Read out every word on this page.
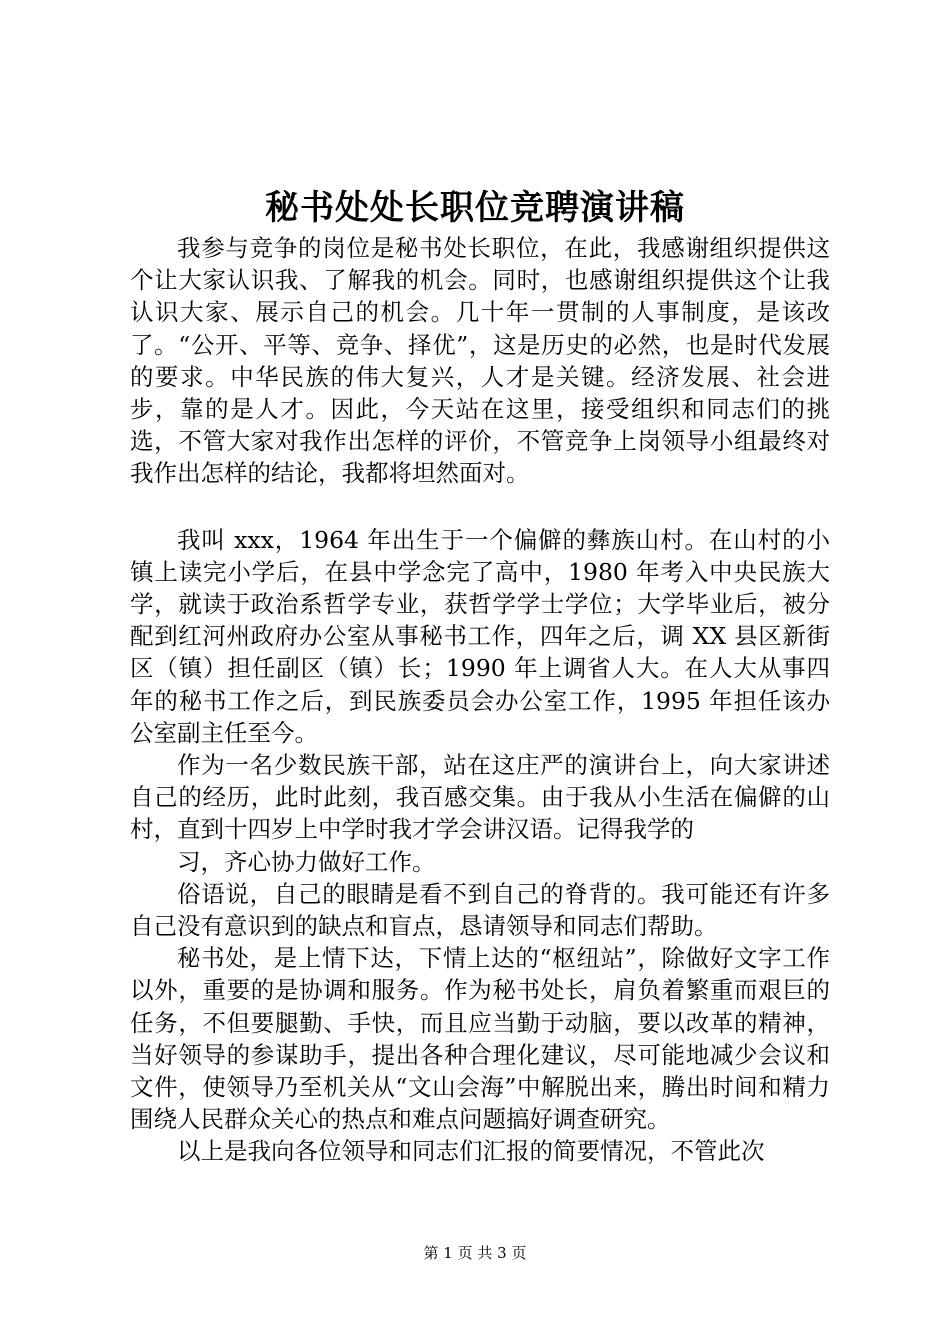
秘书处处长职位竞聘演讲稿

我参与竞争的岗位是秘书处长职位，在此，我感谢组织提供这个让大家认识我、了解我的机会。同时，也感谢组织提供这个让我认识大家、展示自己的机会。几十年一贯制的人事制度，是该改了。“公开、平等、竞争、择优”，这是历史的必然，也是时代发展的要求。中华民族的伟大复兴，人才是关键。经济发展、社会进步，靠的是人才。因此，今天站在这里，接受组织和同志们的挑选，不管大家对我作出怎样的评价，不管竞争上岗领导小组最终对我作出怎样的结论，我都将坦然面对。

我叫 xxx，1964 年出生于一个偏僻的彝族山村。在山村的小镇上读完小学后，在县中学念完了高中，1980 年考入中央民族大学，就读于政治系哲学专业，获哲学学士学位；大学毕业后，被分配到红河州政府办公室从事秘书工作，四年之后，调 XX 县区新街区（镇）担任副区（镇）长；1990 年上调省人大。在人大从事四年的秘书工作之后，到民族委员会办公室工作，1995 年担任该办公室副主任至今。

作为一名少数民族干部，站在这庄严的演讲台上，向大家讲述自己的经历，此时此刻，我百感交集。由于我从小生活在偏僻的山村，直到十四岁上中学时我才学会讲汉语。记得我学的

习，齐心协力做好工作。

俗语说，自己的眼睛是看不到自己的脊背的。我可能还有许多自己没有意识到的缺点和盲点，恳请领导和同志们帮助。

秘书处，是上情下达，下情上达的“枢纽站”，除做好文字工作以外，重要的是协调和服务。作为秘书处长，肩负着繁重而艰巨的任务，不但要腿勤、手快，而且应当勤于动脑，要以改革的精神，当好领导的参谋助手，提出各种合理化建议，尽可能地减少会议和文件，使领导乃至机关从“文山会海”中解脱出来，腾出时间和精力围绕人民群众关心的热点和难点问题搞好调查研究。

以上是我向各位领导和同志们汇报的简要情况，不管此次

第 1 页 共 3 页
